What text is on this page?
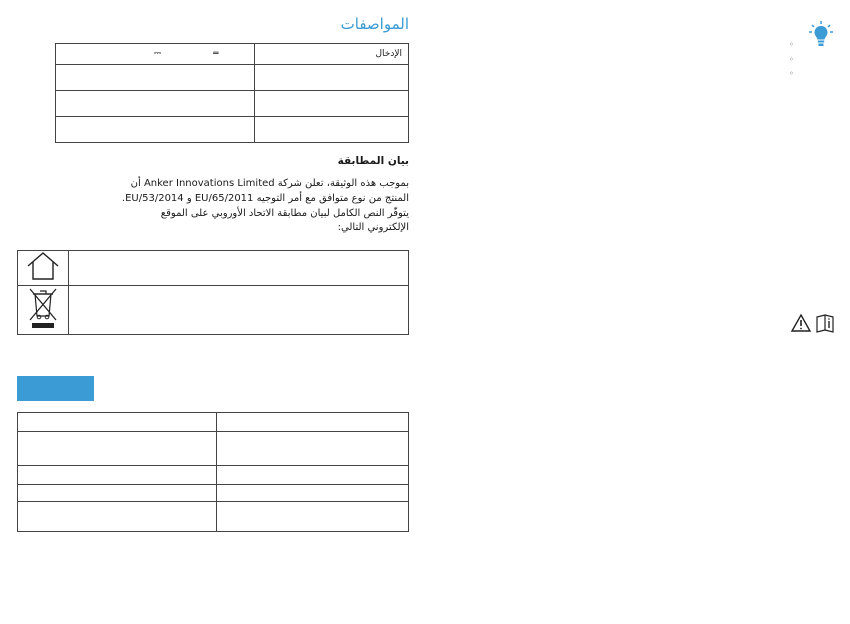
المواصفات
⎓ ═	الإدخال

بيان المطابقة
بموجب هذه الوثيقة، تعلن شركة Anker Innovations Limited أن
المنتج من نوع متوافق مع أمر التوجيه EU/65/2011 و EU/53/2014.
يتوفّر النص الكامل لبيان مطابقة الاتحاد الأوروبي على الموقع
الإلكتروني التالي:

◦
◦
◦
